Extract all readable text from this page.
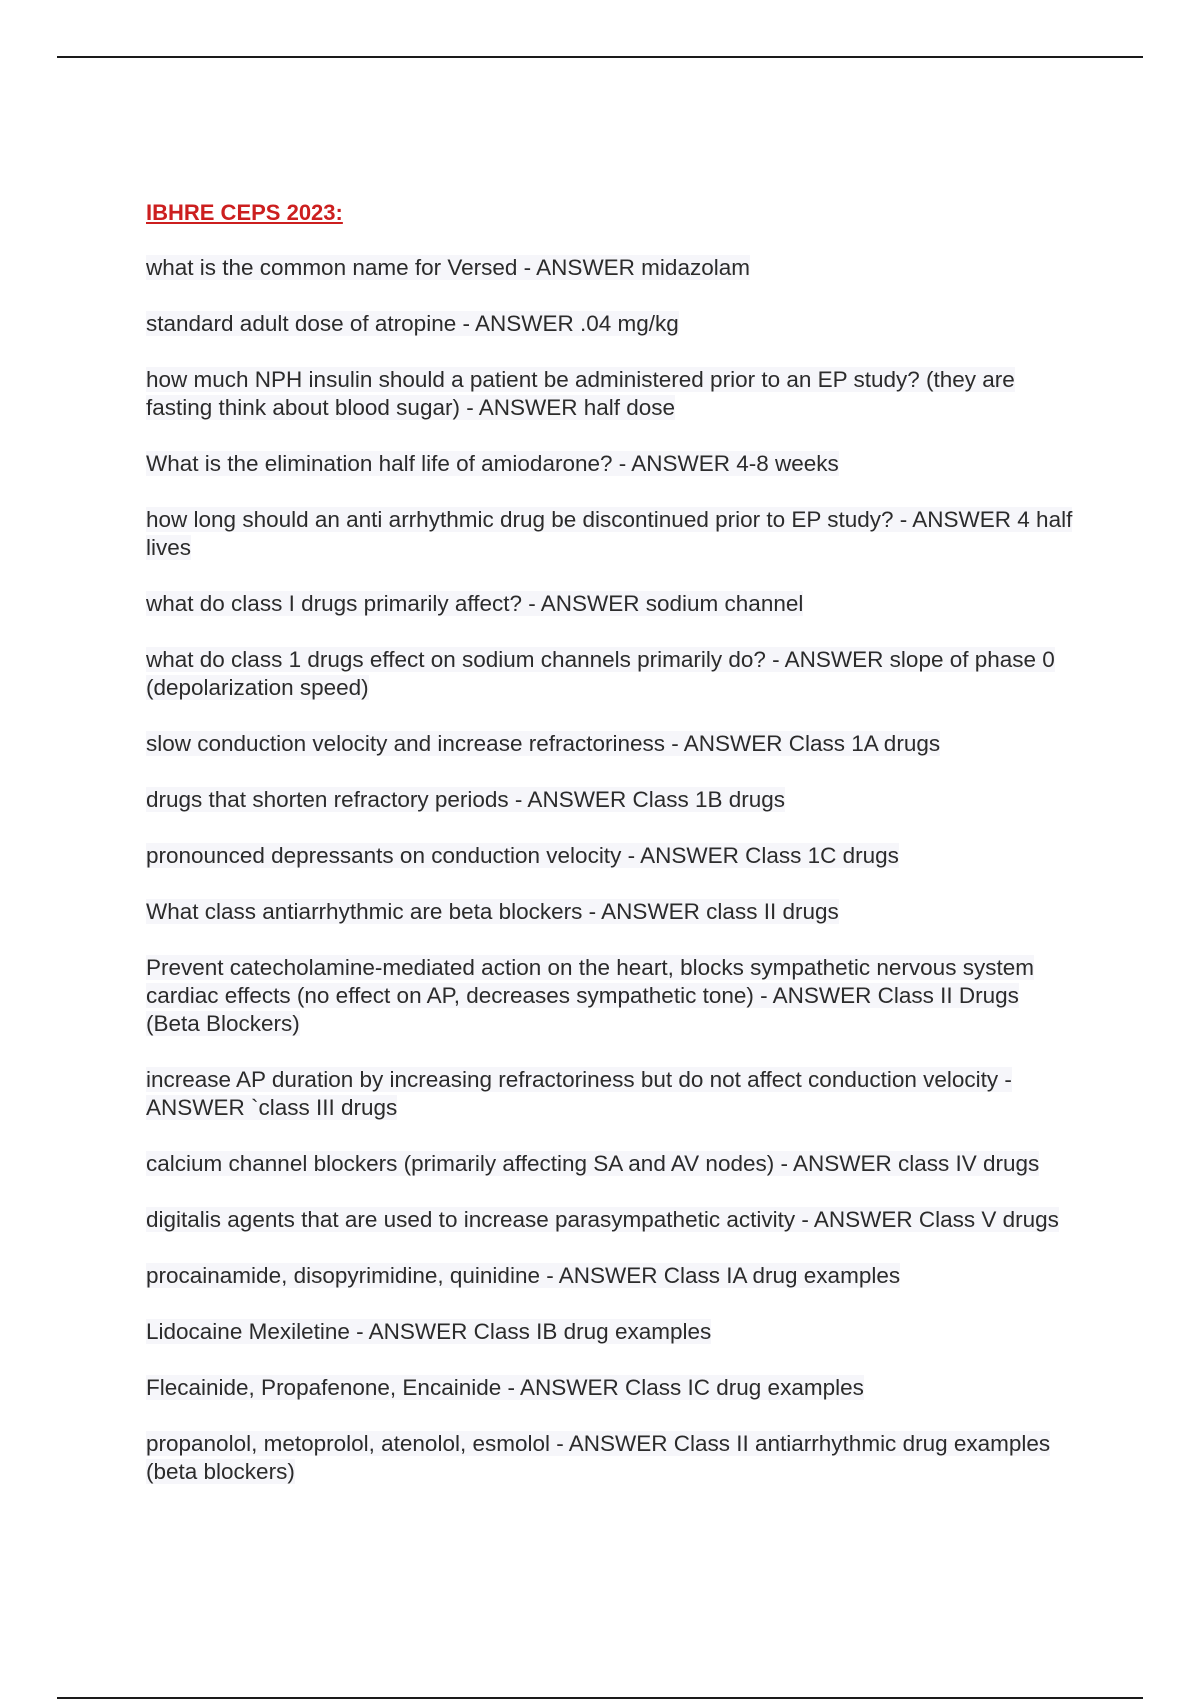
IBHRE CEPS 2023:
what is the common name for Versed - ANSWER midazolam
standard adult dose of atropine - ANSWER .04 mg/kg
how much NPH insulin should a patient be administered prior to an EP study? (they are fasting think about blood sugar) - ANSWER half dose
What is the elimination half life of amiodarone? - ANSWER 4-8 weeks
how long should an anti arrhythmic drug be discontinued prior to EP study? - ANSWER 4 half lives
what do class I drugs primarily affect? - ANSWER sodium channel
what do class 1 drugs effect on sodium channels primarily do? - ANSWER slope of phase 0 (depolarization speed)
slow conduction velocity and increase refractoriness - ANSWER Class 1A drugs
drugs that shorten refractory periods - ANSWER Class 1B drugs
pronounced depressants on conduction velocity - ANSWER Class 1C drugs
What class antiarrhythmic are beta blockers - ANSWER class II drugs
Prevent catecholamine-mediated action on the heart, blocks sympathetic nervous system cardiac effects (no effect on AP, decreases sympathetic tone) - ANSWER Class II Drugs (Beta Blockers)
increase AP duration by increasing refractoriness but do not affect conduction velocity - ANSWER `class III drugs
calcium channel blockers (primarily affecting SA and AV nodes) - ANSWER class IV drugs
digitalis agents that are used to increase parasympathetic activity - ANSWER Class V drugs
procainamide, disopyrimidine, quinidine - ANSWER Class IA drug examples
Lidocaine Mexiletine - ANSWER Class IB drug examples
Flecainide, Propafenone, Encainide - ANSWER Class IC drug examples
propanolol, metoprolol, atenolol, esmolol - ANSWER Class II antiarrhythmic drug examples (beta blockers)
